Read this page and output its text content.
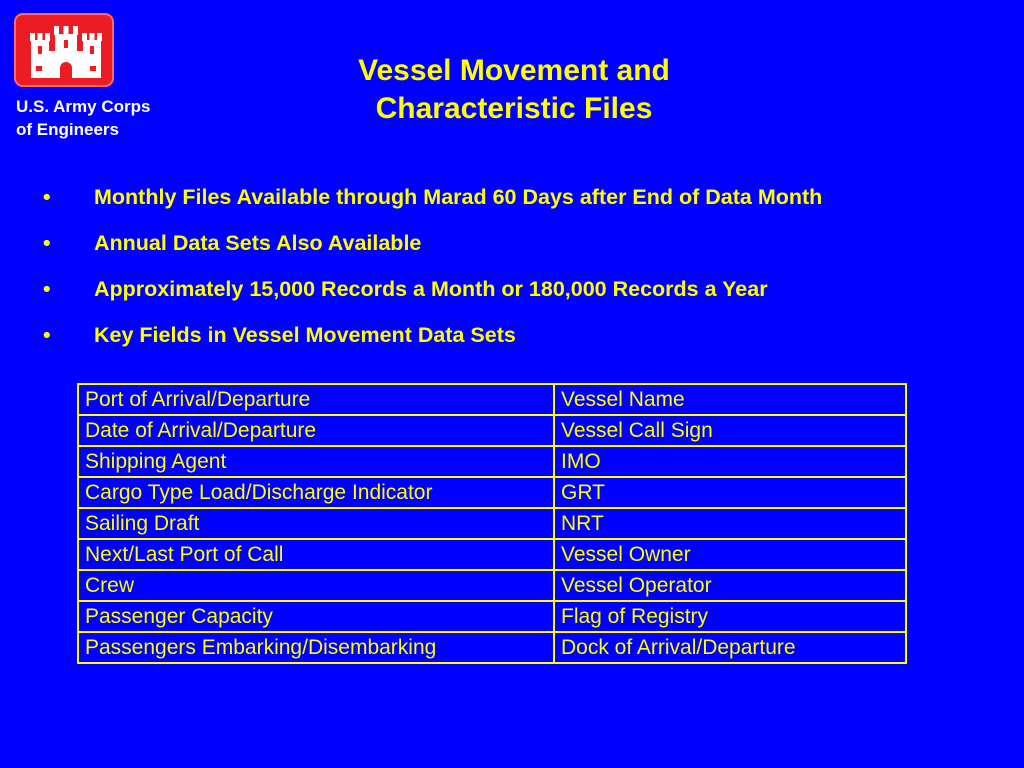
U.S. Army Corps
of Engineers
Vessel Movement and
Characteristic Files
• Monthly Files Available through Marad 60 Days after End of Data Month
• Annual Data Sets Also Available
• Approximately 15,000 Records a Month or 180,000 Records a Year
• Key Fields in Vessel Movement Data Sets
Port of Arrival/Departure	Vessel Name
Date of Arrival/Departure	Vessel Call Sign
Shipping Agent	IMO
Cargo Type Load/Discharge Indicator	GRT
Sailing Draft	NRT
Next/Last Port of Call	Vessel Owner
Crew	Vessel Operator
Passenger Capacity	Flag of Registry
Passengers Embarking/Disembarking	Dock of Arrival/Departure
